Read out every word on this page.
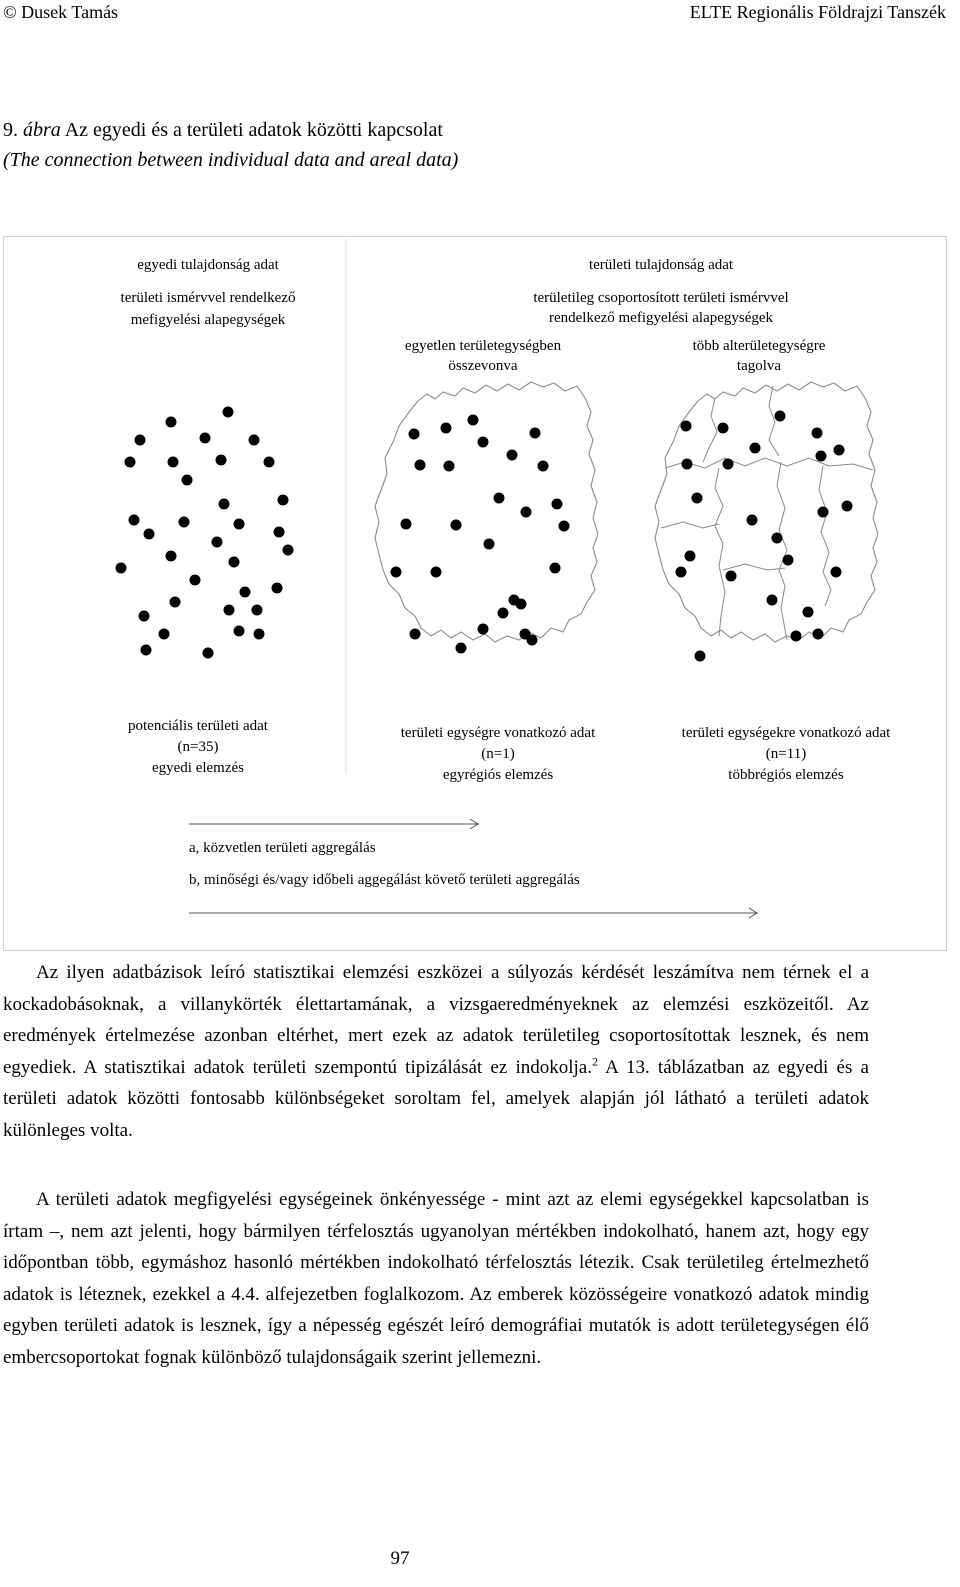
© Dusek Tamás	ELTE Regionális Földrajzi Tanszék
9. ábra Az egyedi és a területi adatok közötti kapcsolat
(The connection between individual data and areal data)
egyedi tulajdonság adat
területi ismérvvel rendelkező
mefigyelési alapegységek
területi tulajdonság adat
területileg csoportosított területi ismérvvel
rendelkező mefigyelési alapegységek
egyetlen területegységben
összevonva
több alterületegységre
tagolva
potenciális területi adat
(n=35)
egyedi elemzés
területi egységre vonatkozó adat
(n=1)
egyrégiós elemzés
területi egységekre vonatkozó adat
(n=11)
többrégiós elemzés
a, közvetlen területi aggregálás
b, minőségi és/vagy időbeli aggegálást követő területi aggregálás
Az ilyen adatbázisok leíró statisztikai elemzési eszközei a súlyozás kérdését leszámítva nem térnek el a kockadobásoknak, a villanykörték élettartamának, a vizsgaeredményeknek az elemzési eszközeitől. Az eredmények értelmezése azonban eltérhet, mert ezek az adatok területileg csoportosítottak lesznek, és nem egyediek. A statisztikai adatok területi szempontú tipizálását ez indokolja.$^2$ A 13. táblázatban az egyedi és a területi adatok közötti fontosabb különbségeket soroltam fel, amelyek alapján jól látható a területi adatok különleges volta.
A területi adatok megfigyelési egységeinek önkényessége - mint azt az elemi egységekkel kapcsolatban is írtam –, nem azt jelenti, hogy bármilyen térfelosztás ugyanolyan mértékben indokolható, hanem azt, hogy egy időpontban több, egymáshoz hasonló mértékben indokolható térfelosztás létezik. Csak területileg értelmezhető adatok is léteznek, ezekkel a 4.4. alfejezetben foglalkozom. Az emberek közösségeire vonatkozó adatok mindig egyben területi adatok is lesznek, így a népesség egészét leíró demográfiai mutatók is adott területegységen élő embercsoportokat fognak különböző tulajdonságaik szerint jellemezni.
97
